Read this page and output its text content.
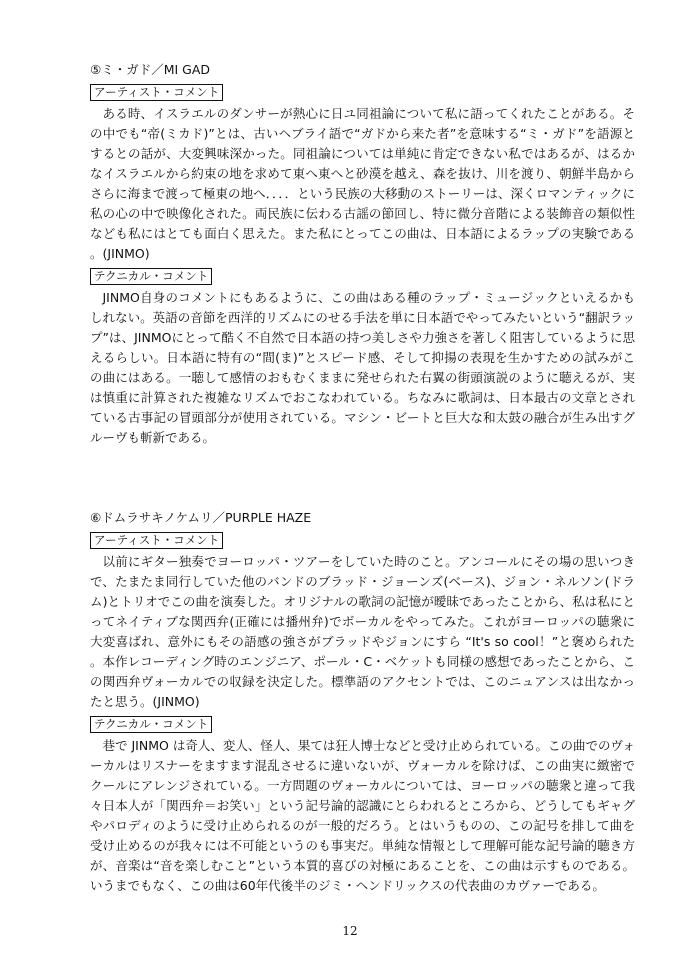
⑤ミ・ガド／MI GAD
アーティスト・コメント

ある時、イスラエルのダンサーが熱心に日ユ同祖論について私に語ってくれたことがある。その中でも“帝(ミカド)”とは、古いヘブライ語で“ガドから来た者”を意味する“ミ・ガド”を語源とするとの話が、大変興味深かった。同祖論については単純に肯定できない私ではあるが、はるかなイスラエルから約束の地を求めて東へ東へと砂漠を越え、森を抜け、川を渡り、朝鮮半島からさらに海まで渡って極東の地へ．．．．という民族の大移動のストーリーは、深くロマンティックに私の心の中で映像化された。両民族に伝わる古謡の節回し、特に微分音階による装飾音の類似性なども私にはとても面白く思えた。また私にとってこの曲は、日本語によるラップの実験である。(JINMO)

テクニカル・コメント

JINMO自身のコメントにもあるように、この曲はある種のラップ・ミュージックといえるかもしれない。英語の音節を西洋的リズムにのせる手法を単に日本語でやってみたいという“翻訳ラップ”は、JINMOにとって酷く不自然で日本語の持つ美しさや力強さを著しく阻害しているように思えるらしい。日本語に特有の“間(ま)”とスピード感、そして抑揚の表現を生かすための試みがこの曲にはある。一聴して感情のおもむくままに発せられた右翼の街頭演説のように聴えるが、実は慎重に計算された複雑なリズムでおこなわれている。ちなみに歌詞は、日本最古の文章とされている古事記の冒頭部分が使用されている。マシン・ビートと巨大な和太鼓の融合が生み出すグルーヴも斬新である。

⑥ドムラサキノケムリ／PURPLE HAZE
アーティスト・コメント

以前にギター独奏でヨーロッパ・ツアーをしていた時のこと。アンコールにその場の思いつきで、たまたま同行していた他のバンドのブラッド・ジョーンズ(ベース)、ジョン・ネルソン(ドラム)とトリオでこの曲を演奏した。オリジナルの歌詞の記憶が曖昧であったことから、私は私にとってネイティブな関西弁(正確には播州弁)でボーカルをやってみた。これがヨーロッパの聴衆に大変喜ばれ、意外にもその語感の強さがブラッドやジョンにすら “It's so cool！”と褒められた。本作レコーディング時のエンジニア、ポール・C・ベケットも同様の感想であったことから、この関西弁ヴォーカルでの収録を決定した。標準語のアクセントでは、このニュアンスは出なかったと思う。(JINMO)

テクニカル・コメント

巷で JINMO は奇人、変人、怪人、果ては狂人博士などと受け止められている。この曲でのヴォーカルはリスナーをますます混乱させるに違いないが、ヴォーカルを除けば、この曲実に緻密でクールにアレンジされている。一方問題のヴォーカルについては、ヨーロッパの聴衆と違って我々日本人が「関西弁＝お笑い」という記号論的認識にとらわれるところから、どうしてもギャグやパロディのように受け止められるのが一般的だろう。とはいうものの、この記号を排して曲を受け止めるのが我々には不可能というのも事実だ。単純な情報として理解可能な記号論的聴き方が、音楽は“音を楽しむこと”という本質的喜びの対極にあることを、この曲は示すものである。いうまでもなく、この曲は60年代後半のジミ・ヘンドリックスの代表曲のカヴァーである。

12
